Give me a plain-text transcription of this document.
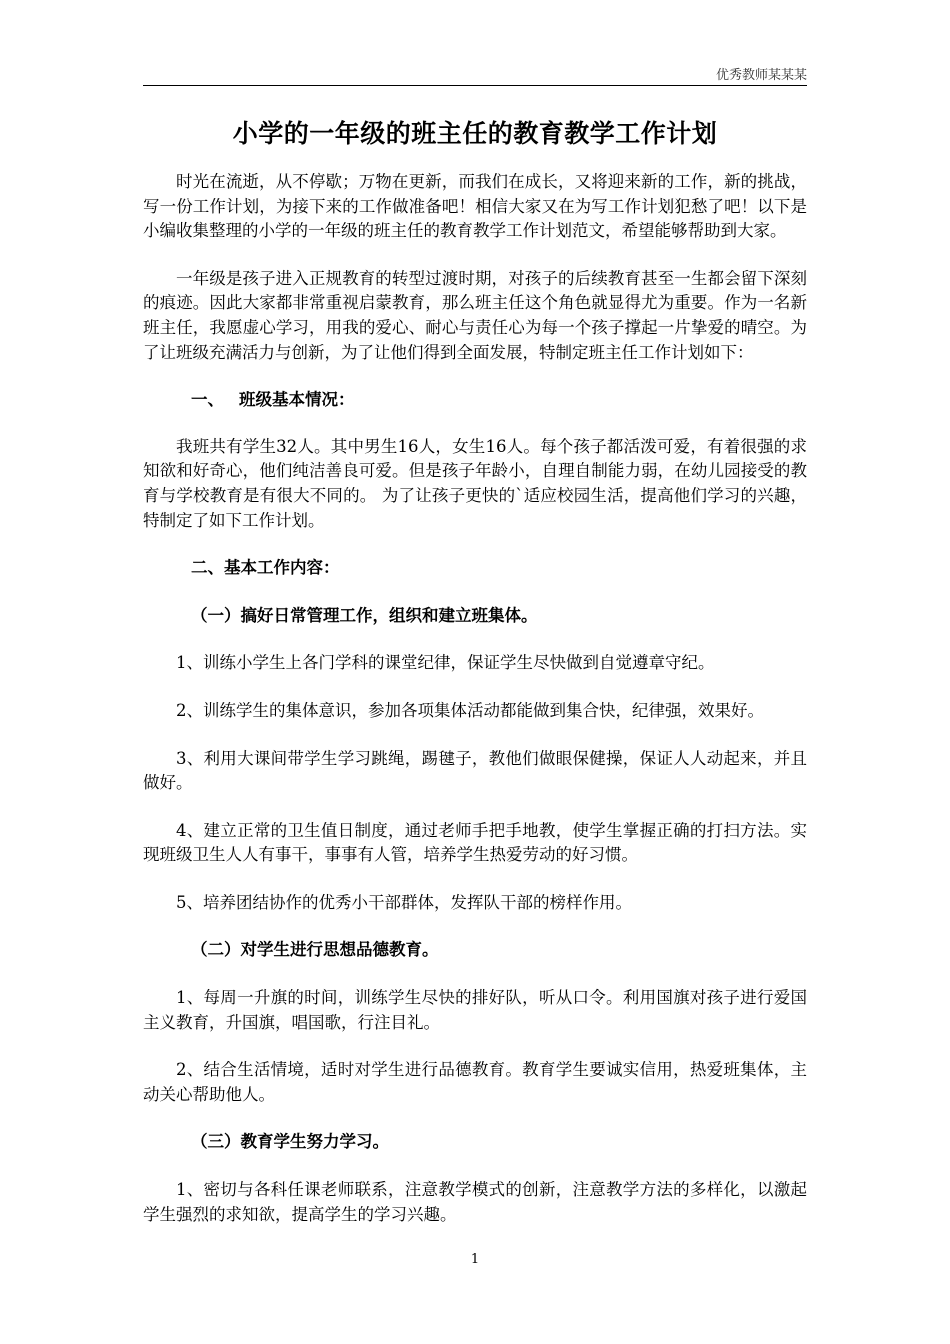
优秀教师某某某
小学的一年级的班主任的教育教学工作计划

时光在流逝，从不停歇；万物在更新，而我们在成长，又将迎来新的工作，新的挑战，写一份工作计划，为接下来的工作做准备吧！相信大家又在为写工作计划犯愁了吧！以下是小编收集整理的小学的一年级的班主任的教育教学工作计划范文，希望能够帮助到大家。

一年级是孩子进入正规教育的转型过渡时期，对孩子的后续教育甚至一生都会留下深刻的痕迹。因此大家都非常重视启蒙教育，那么班主任这个角色就显得尤为重要。作为一名新班主任，我愿虚心学习，用我的爱心、耐心与责任心为每一个孩子撑起一片挚爱的晴空。为了让班级充满活力与创新，为了让他们得到全面发展，特制定班主任工作计划如下：

一、 班级基本情况：

我班共有学生32人。其中男生16人，女生16人。每个孩子都活泼可爱，有着很强的求知欲和好奇心，他们纯洁善良可爱。但是孩子年龄小，自理自制能力弱，在幼儿园接受的教育与学校教育是有很大不同的。 为了让孩子更快的`适应校园生活，提高他们学习的兴趣，特制定了如下工作计划。

二、基本工作内容：

（一）搞好日常管理工作，组织和建立班集体。

1、训练小学生上各门学科的课堂纪律，保证学生尽快做到自觉遵章守纪。

2、训练学生的集体意识，参加各项集体活动都能做到集合快，纪律强，效果好。

3、利用大课间带学生学习跳绳，踢毽子，教他们做眼保健操，保证人人动起来，并且做好。

4、建立正常的卫生值日制度，通过老师手把手地教，使学生掌握正确的打扫方法。实现班级卫生人人有事干，事事有人管，培养学生热爱劳动的好习惯。

5、培养团结协作的优秀小干部群体，发挥队干部的榜样作用。

（二）对学生进行思想品德教育。

1、每周一升旗的时间，训练学生尽快的排好队，听从口令。利用国旗对孩子进行爱国主义教育，升国旗，唱国歌，行注目礼。

2、结合生活情境，适时对学生进行品德教育。教育学生要诚实信用，热爱班集体，主动关心帮助他人。

（三）教育学生努力学习。

1、密切与各科任课老师联系，注意教学模式的创新，注意教学方法的多样化，以激起学生强烈的求知欲，提高学生的学习兴趣。

1
